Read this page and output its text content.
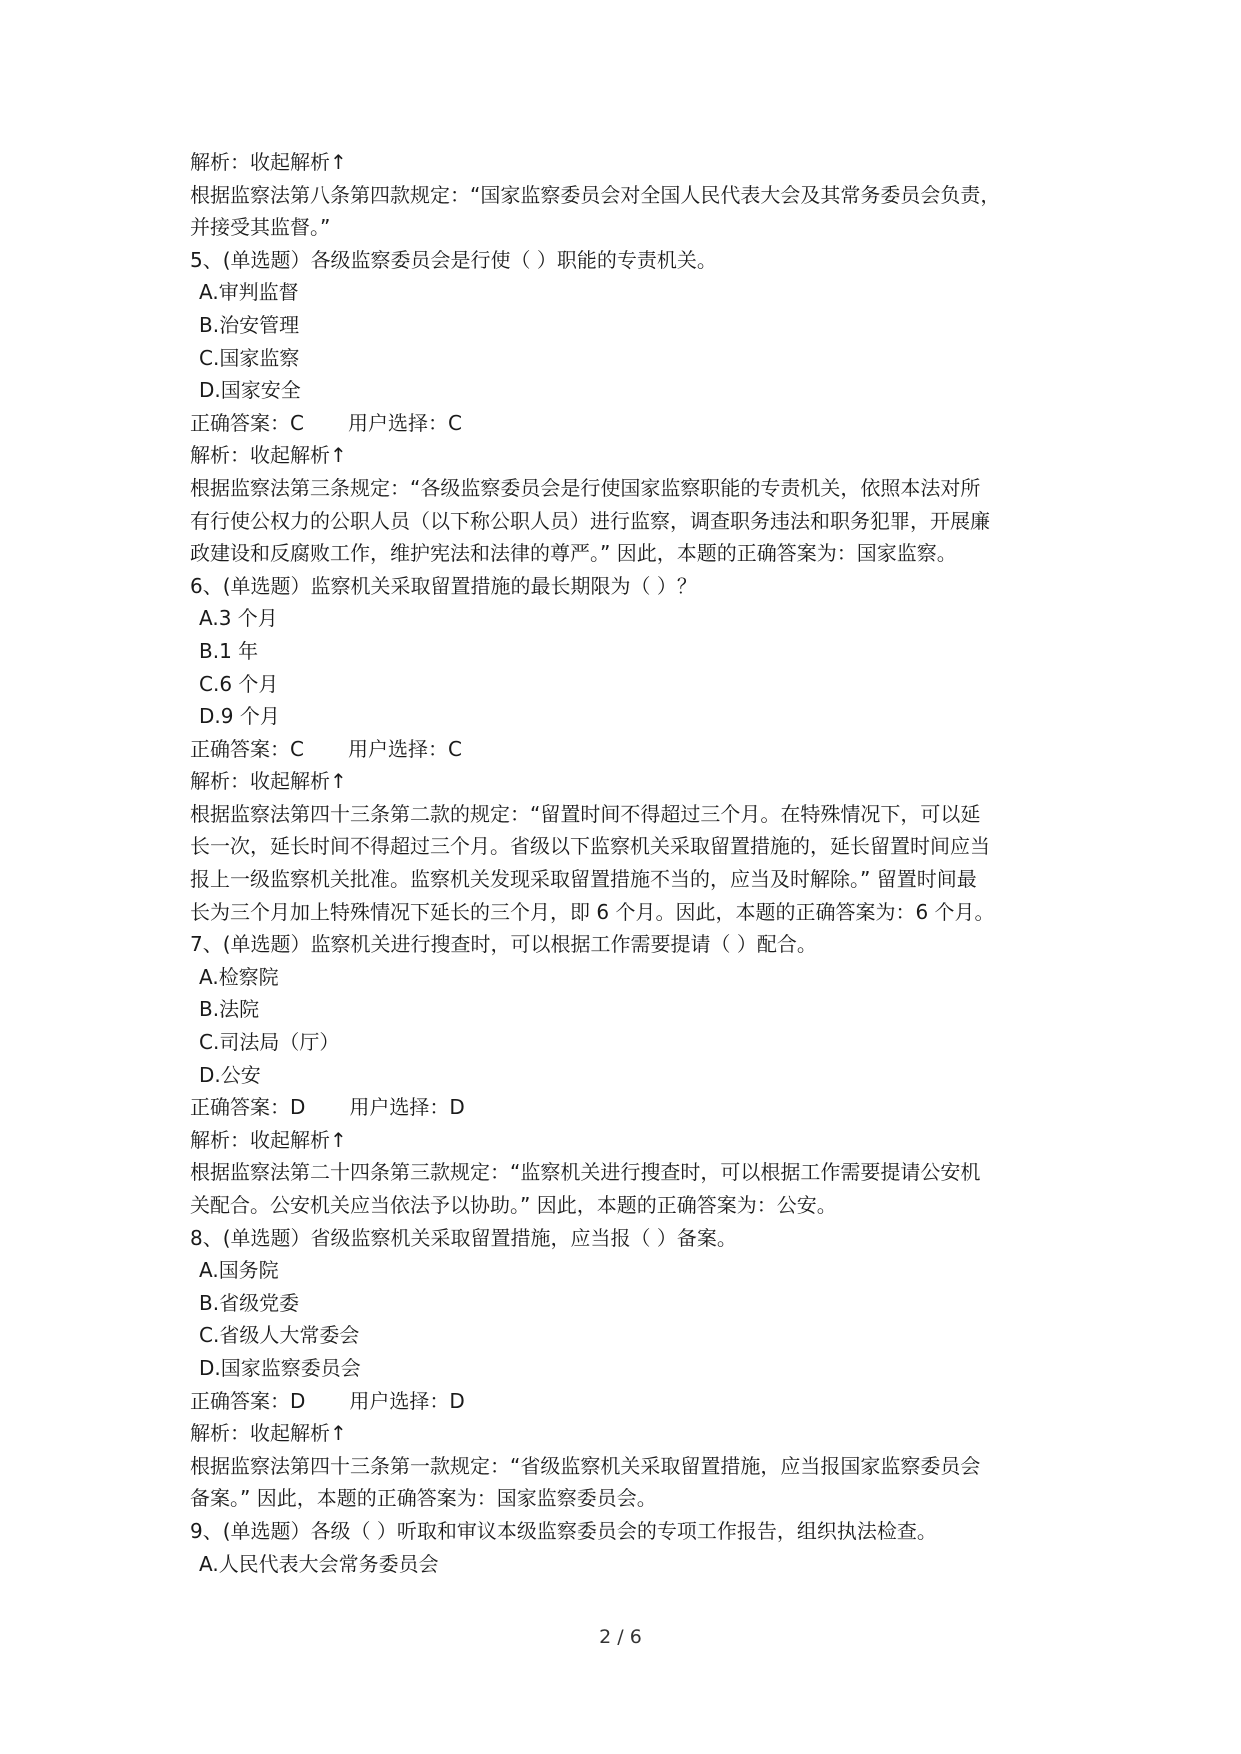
解析：收起解析↑
根据监察法第八条第四款规定：“国家监察委员会对全国人民代表大会及其常务委员会负责，
并接受其监督。”
5、(单选题）各级监察委员会是行使（ ）职能的专责机关。
A.审判监督
B.治安管理
C.国家监察
D.国家安全
正确答案：C 用户选择：C
解析：收起解析↑
根据监察法第三条规定：“各级监察委员会是行使国家监察职能的专责机关，依照本法对所
有行使公权力的公职人员（以下称公职人员）进行监察，调查职务违法和职务犯罪，开展廉
政建设和反腐败工作，维护宪法和法律的尊严。” 因此，本题的正确答案为：国家监察。
6、(单选题）监察机关采取留置措施的最长期限为（ ）？
A.3 个月
B.1 年
C.6 个月
D.9 个月
正确答案：C 用户选择：C
解析：收起解析↑
根据监察法第四十三条第二款的规定：“留置时间不得超过三个月。在特殊情况下，可以延
长一次，延长时间不得超过三个月。省级以下监察机关采取留置措施的，延长留置时间应当
报上一级监察机关批准。监察机关发现采取留置措施不当的，应当及时解除。” 留置时间最
长为三个月加上特殊情况下延长的三个月，即 6 个月。因此，本题的正确答案为：6 个月。
7、(单选题）监察机关进行搜查时，可以根据工作需要提请（ ）配合。
A.检察院
B.法院
C.司法局（厅）
D.公安
正确答案：D 用户选择：D
解析：收起解析↑
根据监察法第二十四条第三款规定：“监察机关进行搜查时，可以根据工作需要提请公安机
关配合。公安机关应当依法予以协助。” 因此，本题的正确答案为：公安。
8、(单选题）省级监察机关采取留置措施，应当报（ ）备案。
A.国务院
B.省级党委
C.省级人大常委会
D.国家监察委员会
正确答案：D 用户选择：D
解析：收起解析↑
根据监察法第四十三条第一款规定：“省级监察机关采取留置措施，应当报国家监察委员会
备案。” 因此，本题的正确答案为：国家监察委员会。
9、(单选题）各级（ ）听取和审议本级监察委员会的专项工作报告，组织执法检查。
A.人民代表大会常务委员会
2 / 6
